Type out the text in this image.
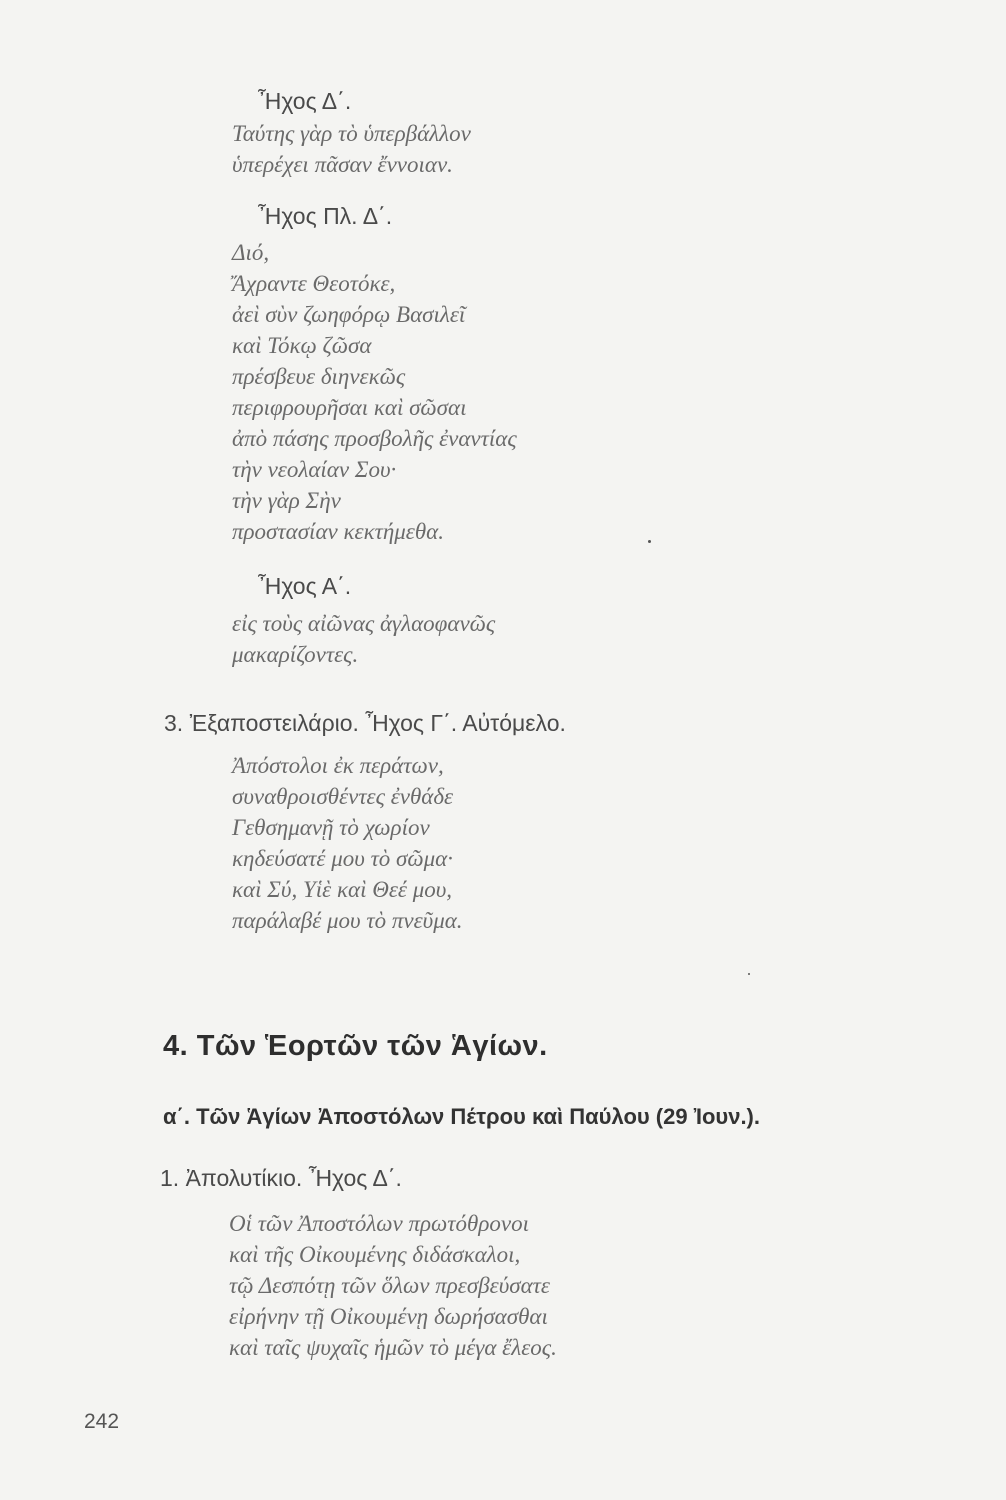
Ἦχος Δ΄.
Ταύτης γὰρ τὸ ὑπερβάλλον
ὑπερέχει πᾶσαν ἔννοιαν.
Ἦχος Πλ. Δ΄.
Διό,
Ἄχραντε Θεοτόκε,
ἀεὶ σὺν ζωηφόρῳ Βασιλεῖ
καὶ Τόκῳ ζῶσα
πρέσβευε διηνεκῶς
περιφρουρῆσαι καὶ σῶσαι
ἀπὸ πάσης προσβολῆς ἐναντίας
τὴν νεολαίαν Σου·
τὴν γὰρ Σὴν
προστασίαν κεκτήμεθα.
Ἦχος Α΄.
εἰς τοὺς αἰῶνας ἀγλαοφανῶς
μακαρίζοντες.
3. Ἐξαποστειλάριο. Ἦχος Γ΄. Αὐτόμελο.
Ἀπόστολοι ἐκ περάτων,
συναθροισθέντες ἐνθάδε
Γεθσημανῇ τὸ χωρίον
κηδεύσατέ μου τὸ σῶμα·
καὶ Σύ, Υἱὲ καὶ Θεέ μου,
παράλαβέ μου τὸ πνεῦμα.
4. Τῶν Ἑορτῶν τῶν Ἁγίων.
α΄. Τῶν Ἁγίων Ἀποστόλων Πέτρου καὶ Παύλου (29 Ἰουν.).
1. Ἀπολυτίκιο. Ἦχος Δ΄.
Οἱ τῶν Ἀποστόλων πρωτόθρονοι
καὶ τῆς Οἰκουμένης διδάσκαλοι,
τῷ Δεσπότῃ τῶν ὅλων πρεσβεύσατε
εἰρήνην τῇ Οἰκουμένῃ δωρήσασθαι
καὶ ταῖς ψυχαῖς ἡμῶν τὸ μέγα ἔλεος.
242
